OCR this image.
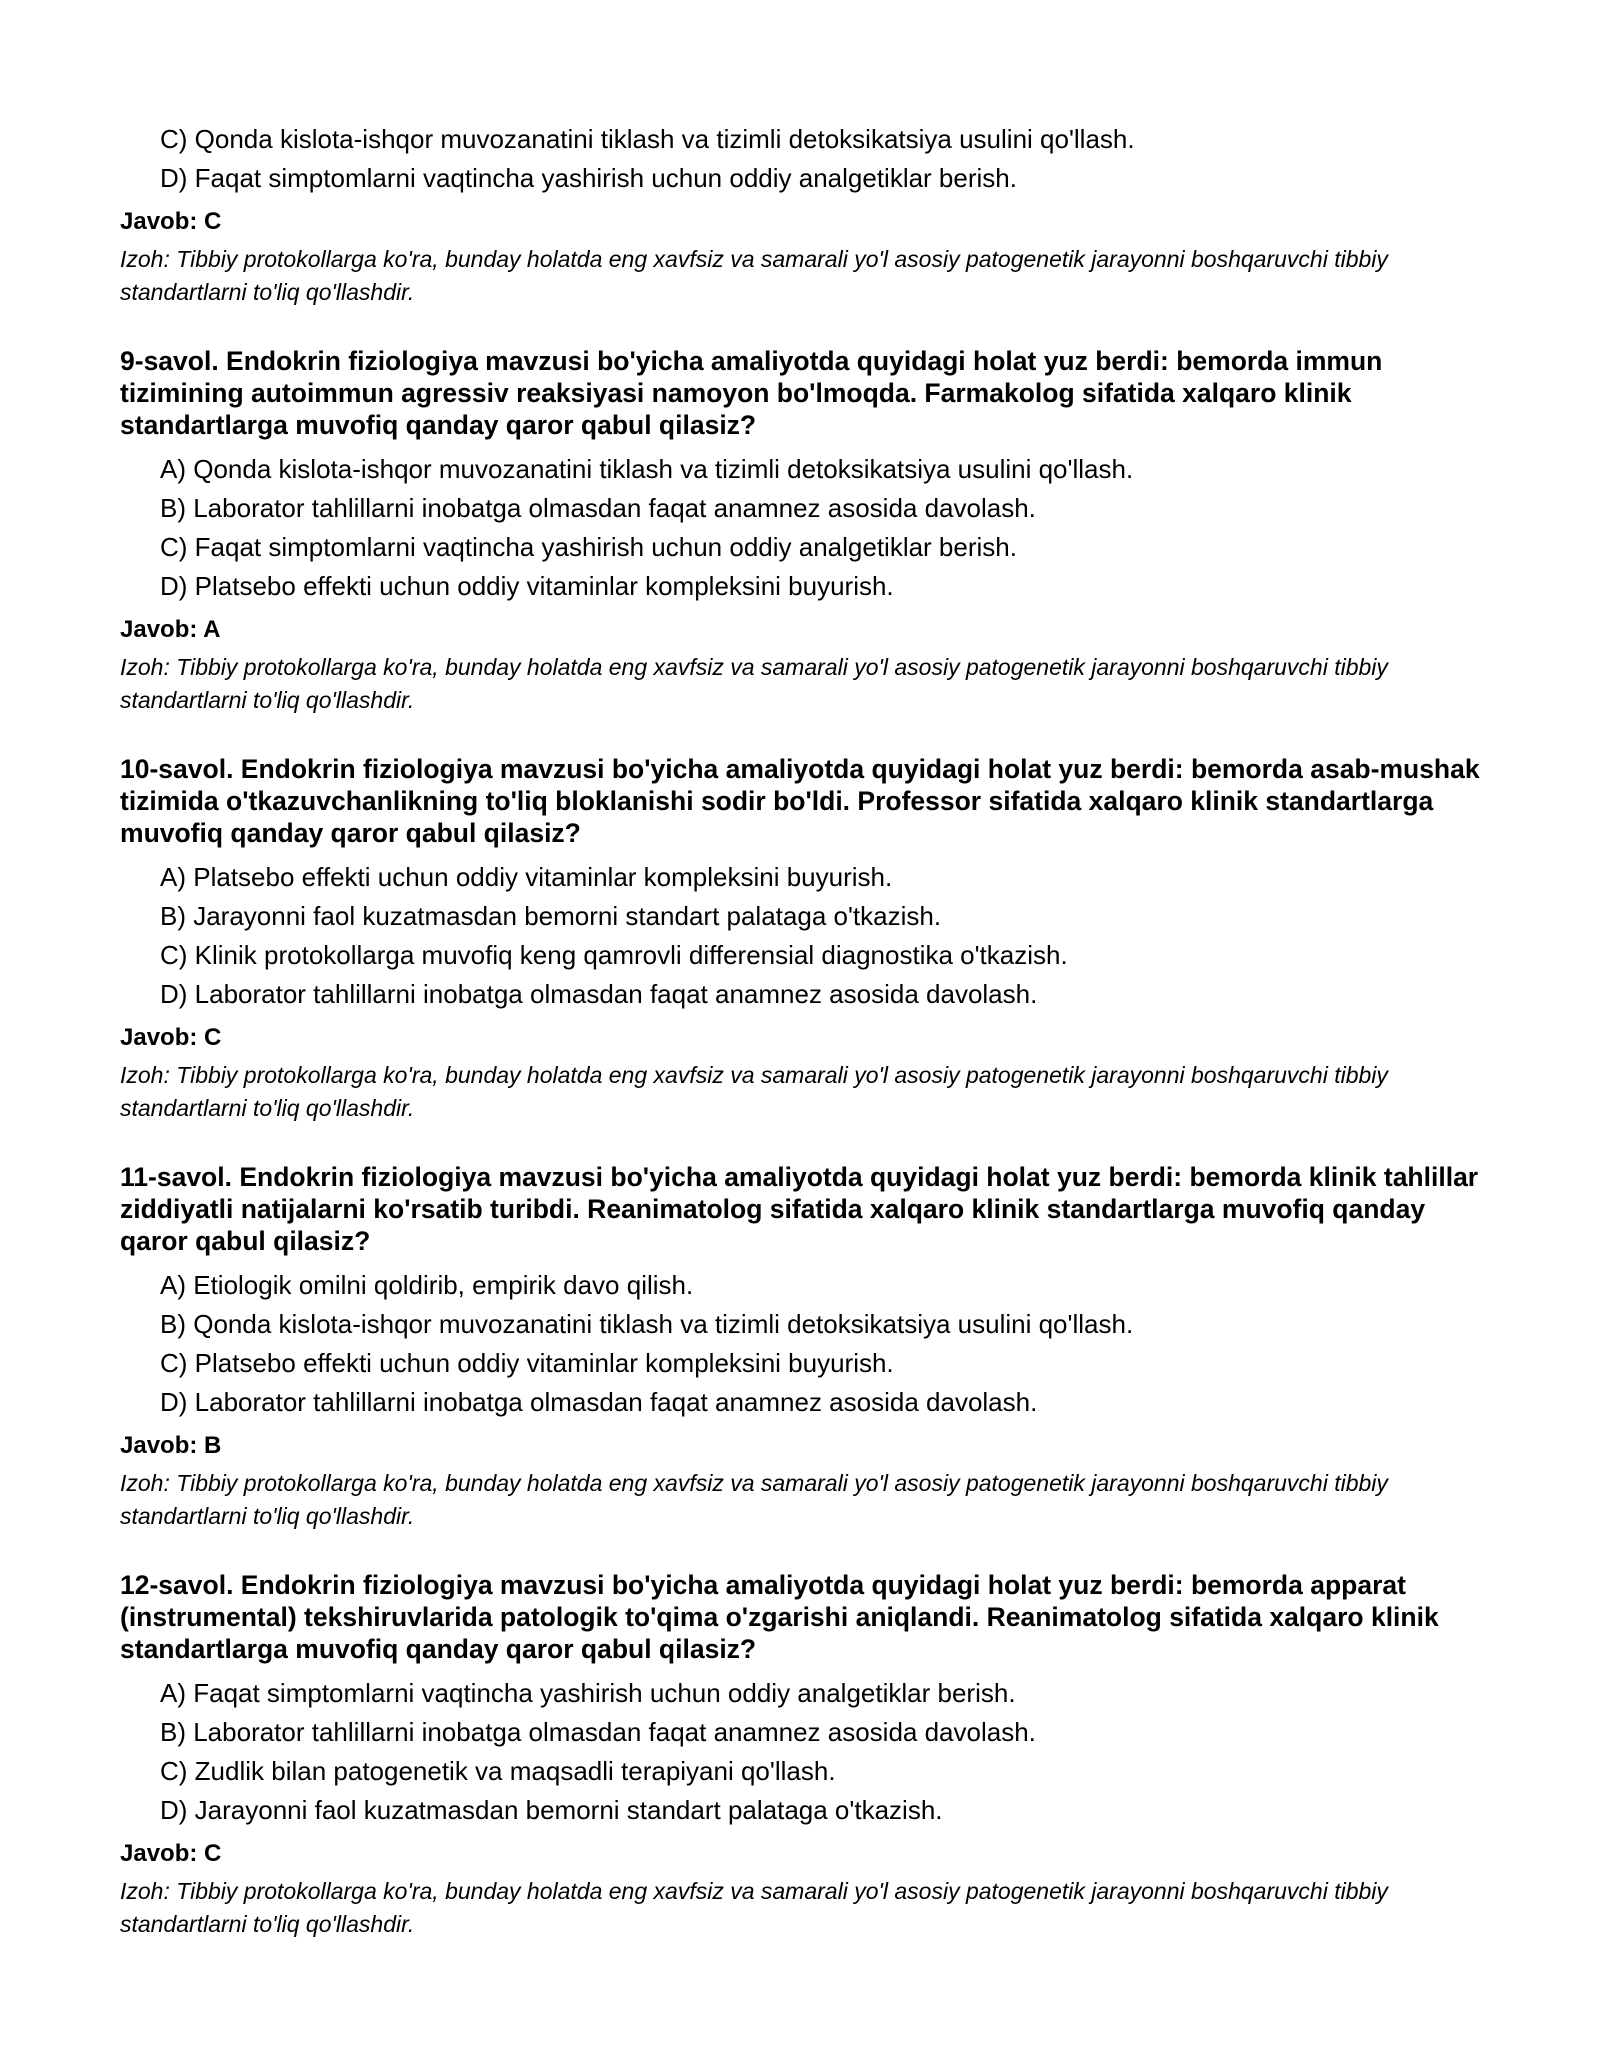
C) Qonda kislota-ishqor muvozanatini tiklash va tizimli detoksikatsiya usulini qo'llash.
D) Faqat simptomlarni vaqtincha yashirish uchun oddiy analgetiklar berish.
Javob: C
Izoh: Tibbiy protokollarga ko'ra, bunday holatda eng xavfsiz va samarali yo'l asosiy patogenetik jarayonni boshqaruvchi tibbiy standartlarni to'liq qo'llashdir.
9-savol. Endokrin fiziologiya mavzusi bo'yicha amaliyotda quyidagi holat yuz berdi: bemorda immun tizimining autoimmun agressiv reaksiyasi namoyon bo'lmoqda. Farmakolog sifatida xalqaro klinik standartlarga muvofiq qanday qaror qabul qilasiz?
A) Qonda kislota-ishqor muvozanatini tiklash va tizimli detoksikatsiya usulini qo'llash.
B) Laborator tahlillarni inobatga olmasdan faqat anamnez asosida davolash.
C) Faqat simptomlarni vaqtincha yashirish uchun oddiy analgetiklar berish.
D) Platsebo effekti uchun oddiy vitaminlar kompleksini buyurish.
Javob: A
Izoh: Tibbiy protokollarga ko'ra, bunday holatda eng xavfsiz va samarali yo'l asosiy patogenetik jarayonni boshqaruvchi tibbiy standartlarni to'liq qo'llashdir.
10-savol. Endokrin fiziologiya mavzusi bo'yicha amaliyotda quyidagi holat yuz berdi: bemorda asab-mushak tizimida o'tkazuvchanlikning to'liq bloklanishi sodir bo'ldi. Professor sifatida xalqaro klinik standartlarga muvofiq qanday qaror qabul qilasiz?
A) Platsebo effekti uchun oddiy vitaminlar kompleksini buyurish.
B) Jarayonni faol kuzatmasdan bemorni standart palataga o'tkazish.
C) Klinik protokollarga muvofiq keng qamrovli differensial diagnostika o'tkazish.
D) Laborator tahlillarni inobatga olmasdan faqat anamnez asosida davolash.
Javob: C
Izoh: Tibbiy protokollarga ko'ra, bunday holatda eng xavfsiz va samarali yo'l asosiy patogenetik jarayonni boshqaruvchi tibbiy standartlarni to'liq qo'llashdir.
11-savol. Endokrin fiziologiya mavzusi bo'yicha amaliyotda quyidagi holat yuz berdi: bemorda klinik tahlillar ziddiyatli natijalarni ko'rsatib turibdi. Reanimatolog sifatida xalqaro klinik standartlarga muvofiq qanday qaror qabul qilasiz?
A) Etiologik omilni qoldirib, empirik davo qilish.
B) Qonda kislota-ishqor muvozanatini tiklash va tizimli detoksikatsiya usulini qo'llash.
C) Platsebo effekti uchun oddiy vitaminlar kompleksini buyurish.
D) Laborator tahlillarni inobatga olmasdan faqat anamnez asosida davolash.
Javob: B
Izoh: Tibbiy protokollarga ko'ra, bunday holatda eng xavfsiz va samarali yo'l asosiy patogenetik jarayonni boshqaruvchi tibbiy standartlarni to'liq qo'llashdir.
12-savol. Endokrin fiziologiya mavzusi bo'yicha amaliyotda quyidagi holat yuz berdi: bemorda apparat (instrumental) tekshiruvlarida patologik to'qima o'zgarishi aniqlandi. Reanimatolog sifatida xalqaro klinik standartlarga muvofiq qanday qaror qabul qilasiz?
A) Faqat simptomlarni vaqtincha yashirish uchun oddiy analgetiklar berish.
B) Laborator tahlillarni inobatga olmasdan faqat anamnez asosida davolash.
C) Zudlik bilan patogenetik va maqsadli terapiyani qo'llash.
D) Jarayonni faol kuzatmasdan bemorni standart palataga o'tkazish.
Javob: C
Izoh: Tibbiy protokollarga ko'ra, bunday holatda eng xavfsiz va samarali yo'l asosiy patogenetik jarayonni boshqaruvchi tibbiy standartlarni to'liq qo'llashdir.
